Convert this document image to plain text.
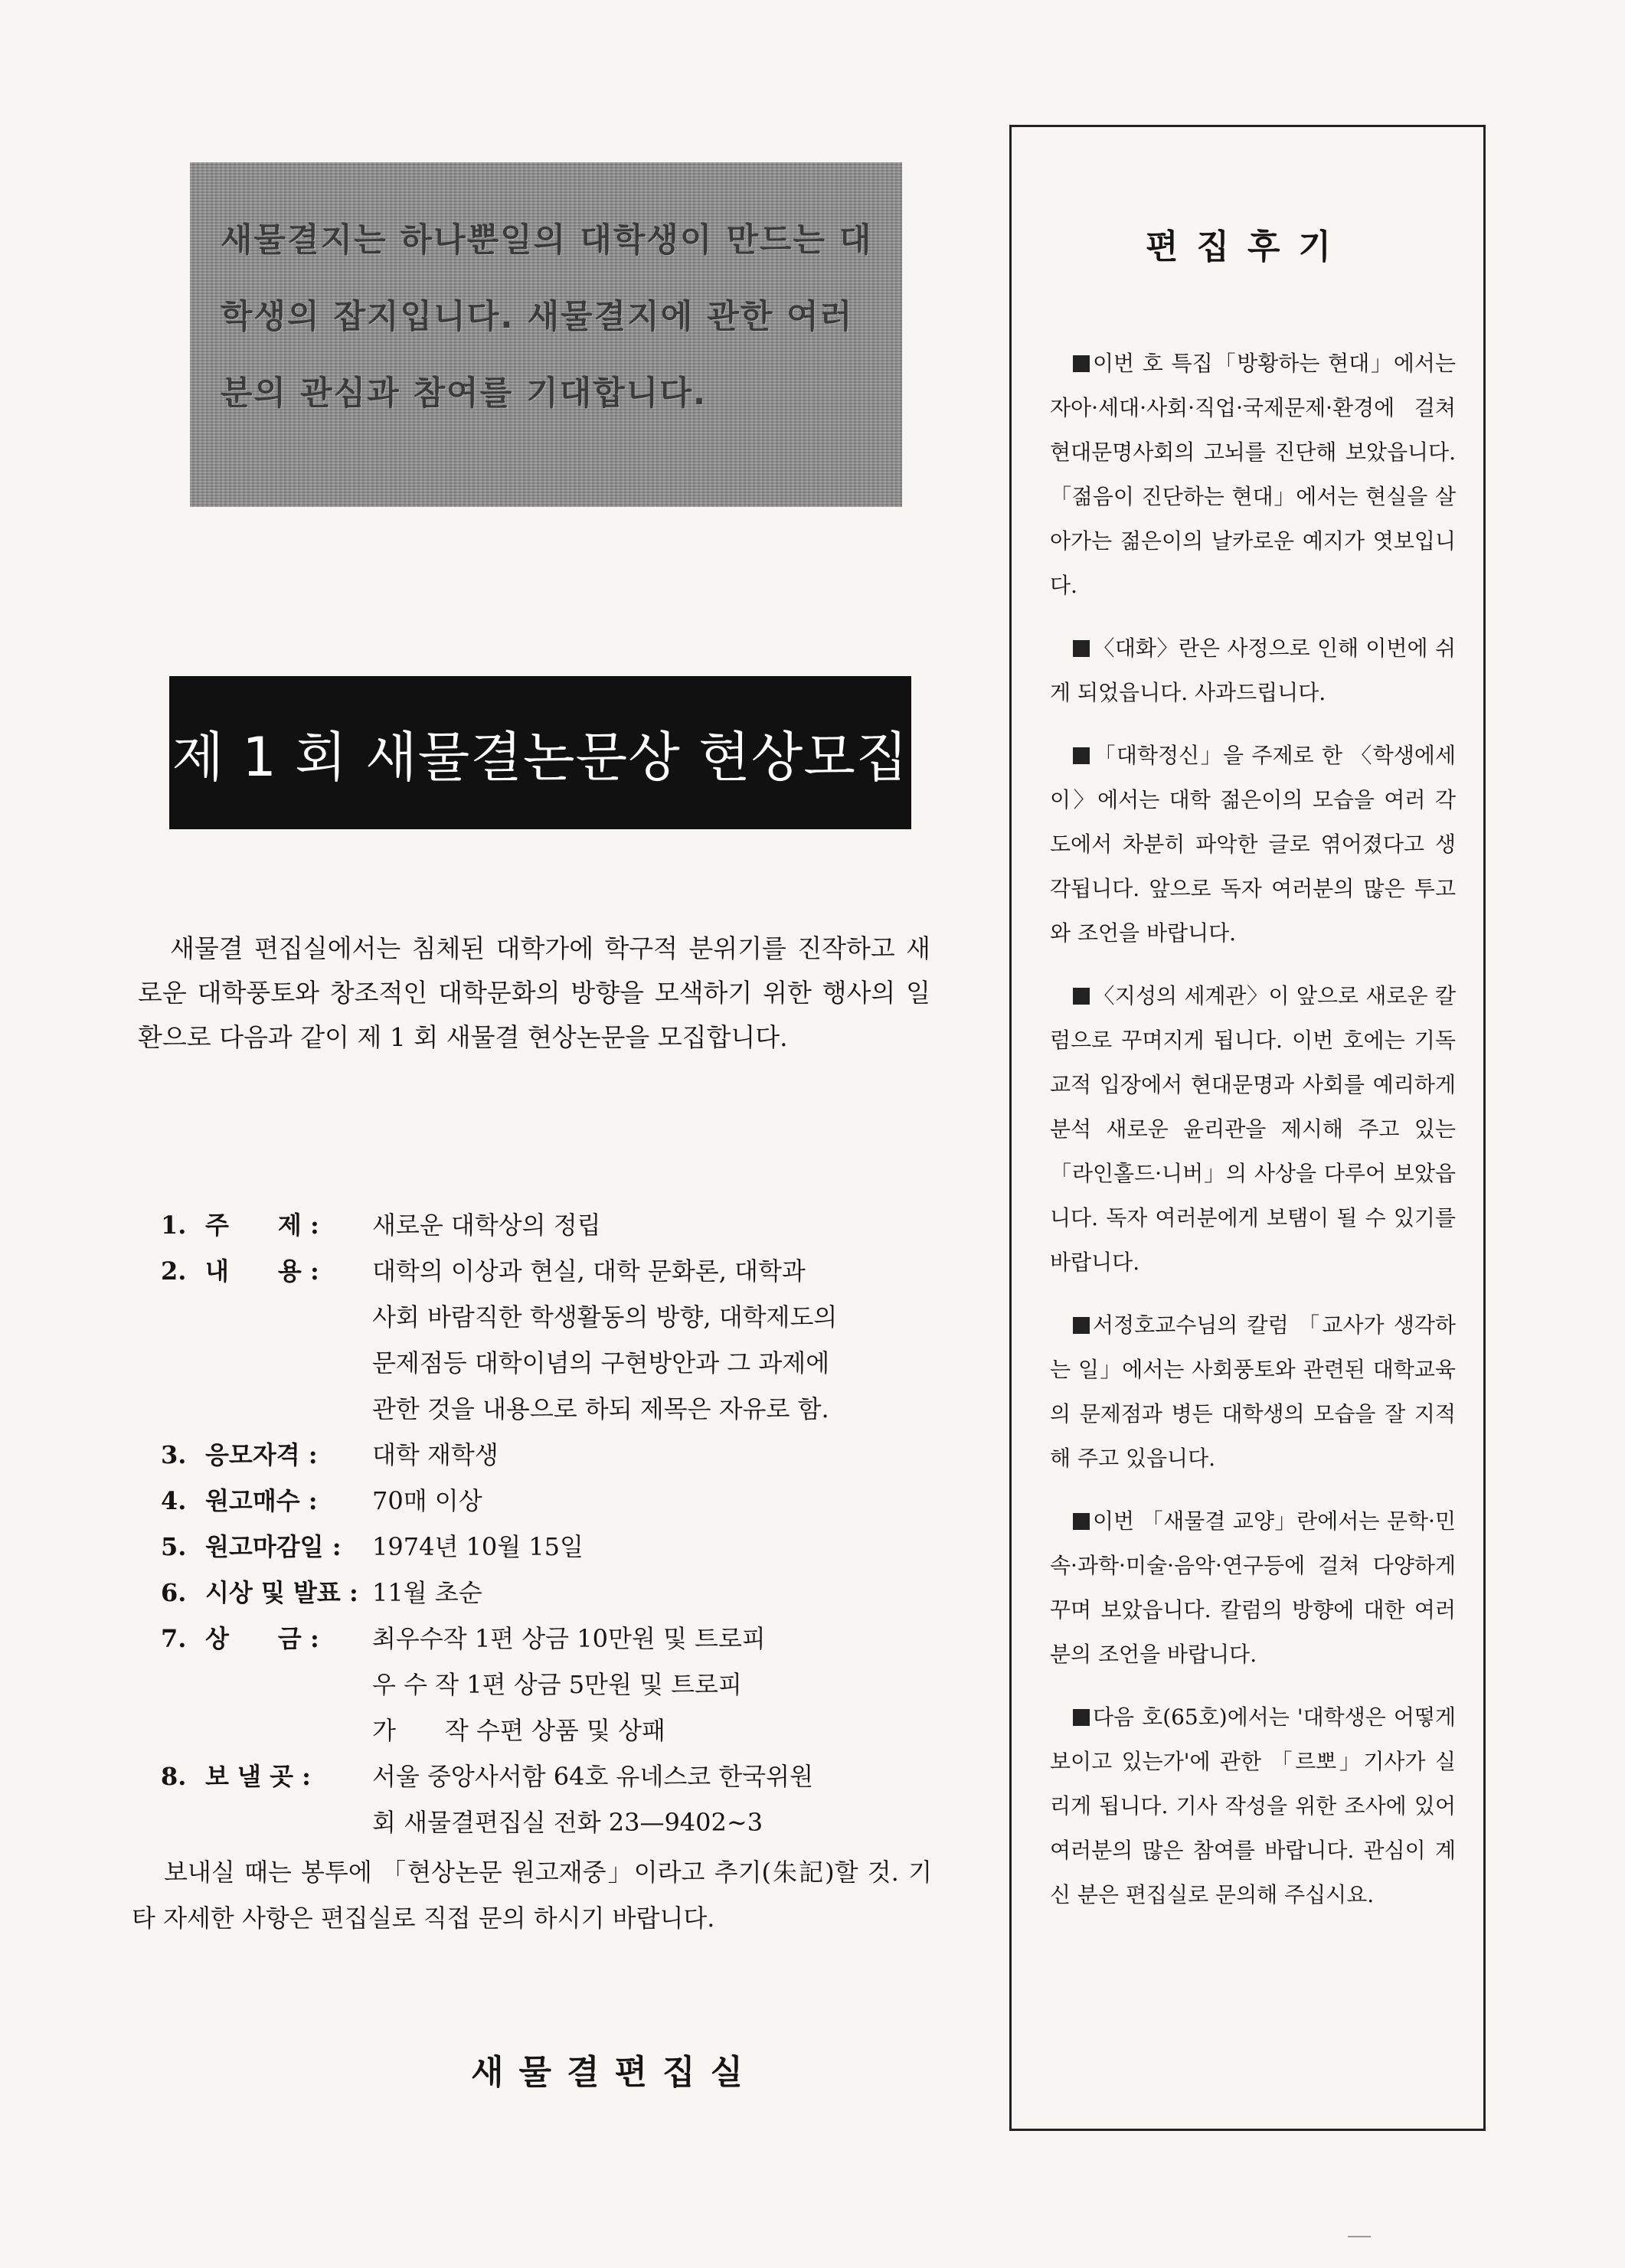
새물결지는 하나뿐일의 대학생이 만드는 대학생의 잡지입니다. 새물결지에 관한 여러분의 관심과 참여를 기대합니다.

제 1 회 새물결논문상 현상모집

새물결 편집실에서는 침체된 대학가에 학구적 분위기를 진작하고 새로운 대학풍토와 창조적인 대학문화의 방향을 모색하기 위한 행사의 일환으로 다음과 같이 제 1 회 새물결 현상논문을 모집합니다.

1. 주　　제 :	새로운 대학상의 정립
2. 내　　용 :	대학의 이상과 현실, 대학 문화론, 대학과
사회 바람직한 학생활동의 방향, 대학제도의
문제점등 대학이념의 구현방안과 그 과제에
관한 것을 내용으로 하되 제목은 자유로 함.
3. 응모자격 :	대학 재학생
4. 원고매수 :	70매 이상
5. 원고마감일 :	1974년 10월 15일
6. 시상 및 발표 : 11월 초순
7. 상　　금 :	최우수작 1편 상금 10만원 및 트로피
우 수 작 1편 상금 5만원 및 트로피
가　　작 수편 상품 및 상패
8. 보 낼 곳 :	서울 중앙사서함 64호 유네스코 한국위원
회 새물결편집실 전화 23—9402∼3

보내실 때는 봉투에 「현상논문 원고재중」이라고 추기(朱記)할 것. 기타 자세한 사항은 편집실로 직접 문의 하시기 바랍니다.

새물결편집실
편집후기

이번 호 특집「방황하는 현대」에서는 자아·세대·사회·직업·국제문제·환경에 걸쳐 현대문명사회의 고뇌를 진단해 보았읍니다. 「젊음이 진단하는 현대」에서는 현실을 살아가는 젊은이의 날카로운 예지가 엿보입니다.

〈대화〉란은 사정으로 인해 이번에 쉬게 되었읍니다. 사과드립니다.

「대학정신」을 주제로 한 〈학생에세이〉에서는 대학 젊은이의 모습을 여러 각도에서 차분히 파악한 글로 엮어졌다고 생각됩니다. 앞으로 독자 여러분의 많은 투고와 조언을 바랍니다.

〈지성의 세계관〉이 앞으로 새로운 칼럼으로 꾸며지게 됩니다. 이번 호에는 기독교적 입장에서 현대문명과 사회를 예리하게 분석 새로운 윤리관을 제시해 주고 있는 「라인홀드·니버」의 사상을 다루어 보았읍니다. 독자 여러분에게 보탬이 될 수 있기를 바랍니다.

서정호교수님의 칼럼 「교사가 생각하는 일」에서는 사회풍토와 관련된 대학교육의 문제점과 병든 대학생의 모습을 잘 지적해 주고 있읍니다.

이번 「새물결 교양」란에서는 문학·민속·과학·미술·음악·연구등에 걸쳐 다양하게 꾸며 보았읍니다. 칼럼의 방향에 대한 여러분의 조언을 바랍니다.

다음 호(65호)에서는 '대학생은 어떻게 보이고 있는가'에 관한 「르뽀」기사가 실리게 됩니다. 기사 작성을 위한 조사에 있어 여러분의 많은 참여를 바랍니다. 관심이 계신 분은 편집실로 문의해 주십시요.
